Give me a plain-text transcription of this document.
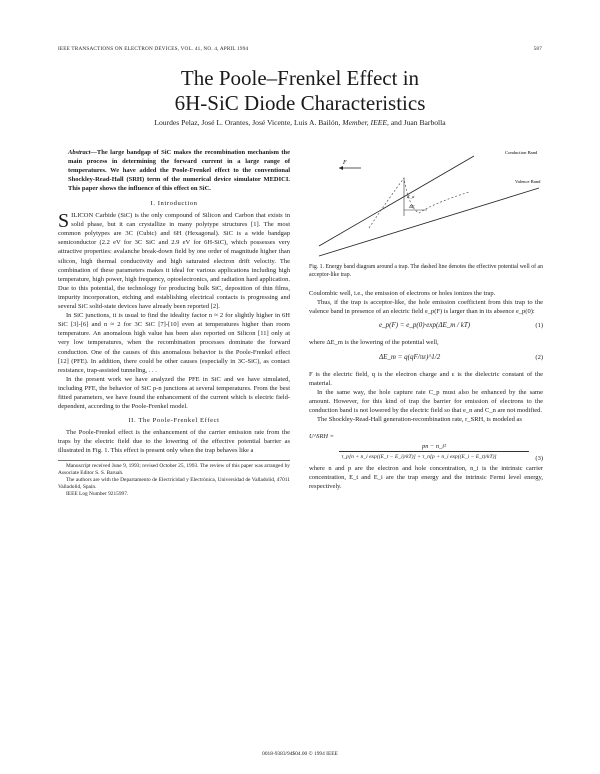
IEEE TRANSACTIONS ON ELECTRON DEVICES, VOL. 41, NO. 4, APRIL 1994	587
The Poole–Frenkel Effect in
6H-SiC Diode Characteristics
Lourdes Pelaz, José L. Orantes, José Vicente, Luis A. Bailón, Member, IEEE, and Juan Barbolla
Abstract—The large bandgap of SiC makes the recombination mechanism the main process in determining the forward current in a large range of temperatures. We have added the Poole-Frenkel effect to the conventional Shockley-Read-Hall (SRH) term of the numerical device simulator MEDICI. This paper shows the influence of this effect on SiC.
I. Introduction

SILICON Carbide (SiC) is the only compound of Silicon and Carbon that exists in solid phase, but it can crystallize in many polytype structures [1]. The most common polytypes are 3C (Cubic) and 6H (Hexagonal). SiC is a wide bandgap semiconductor (2.2 eV for 3C SiC and 2.9 eV for 6H-SiC), which possesses very attractive properties: avalanche break-down field by one order of magnitude higher than silicon, high thermal conductivity and high saturated electron drift velocity. The combination of these parameters makes it ideal for various applications including high temperature, high power, high frequency, optoelectronics, and radiation hard application. Due to this potential, the technology for producing bulk SiC, deposition of thin films, impurity incorporation, etching and establishing electrical contacts is progressing and several SiC solid-state devices have already been reported [2].

In SiC junctions, it is usual to find the ideality factor n ≈ 2 for slightly higher in 6H SiC [3]-[6] and n ≈ 2 for 3C SiC [7]-[10] even at temperatures higher than room temperature. An anomalous high value has been also reported on Silicon [11] only at very low temperatures, when the recombination processes dominate the forward conduction. One of the causes of this anomalous behavior is the Poole-Frenkel effect [12] (PFE). In addition, there could be other causes (especially in 3C-SiC), as contact resistance, trap-assisted tunneling, . . .

In the present work we have analyzed the PFE in SiC and we have simulated, including PFE, the behavior of SiC p-n junctions at several temperatures. From the best fitted parameters, we have found the enhancement of the current which is electric field-dependent, according to the Poole-Frenkel model.

II. The Poole-Frenkel Effect

The Poole-Frenkel effect is the enhancement of the carrier emission rate from the traps by the electric field due to the lowering of the effective potential barrier as illustrated in Fig. 1. This effect is present only when the trap behaves like a

Manuscript received June 9, 1993; revised October 25, 1993. The review of this paper was arranged by Associate Editor S. S. Baruah.

The authors are with the Departamento de Electricidad y Electrónica, Universidad de Valladolid, 47011 Valladolid, Spain.

IEEE Log Number 9215997.

Conduction Band
Valence Band
F
E_a
ΔE
Fig. 1. Energy band diagram around a trap. The dashed line denotes the effective potential well of an acceptor-like trap.

Coulombic well, i.e., the emission of electrons or holes ionizes the trap.

Thus, if the trap is acceptor-like, the hole emission coefficient from this trap to the valence band in presence of an electric field e_p(F) is larger than in its absence e_p(0):

e_p(F) = e_p(0)·exp(ΔE_m / kT)	(1)

where ΔE_m is the lowering of the potential well,

ΔE_m = q(qF/πε)^1/2	(2)

F is the electric field, q is the electron charge and ε is the dielectric constant of the material.

In the same way, the hole capture rate C_p must also be enhanced by the same amount. However, for this kind of trap the barrier for emission of electrons to the conduction band is not lowered by the electric field so that e_n and C_n are not modified.

The Shockley-Read-Hall generation-recombination rate, r_SRH, is modeled as

U^SRH =
pn − n_i²
τ_p[n + n_i exp((E_t − E_i)/kT)] + τ_n[p + n_i exp((E_i − E_t)/kT)]	(3)

where n and p are the electron and hole concentration, n_i is the intrinsic carrier concentration, E_t and E_i are the trap energy and the intrinsic Fermi level energy, respectively.

0018-9383/94$04.00 © 1994 IEEE
